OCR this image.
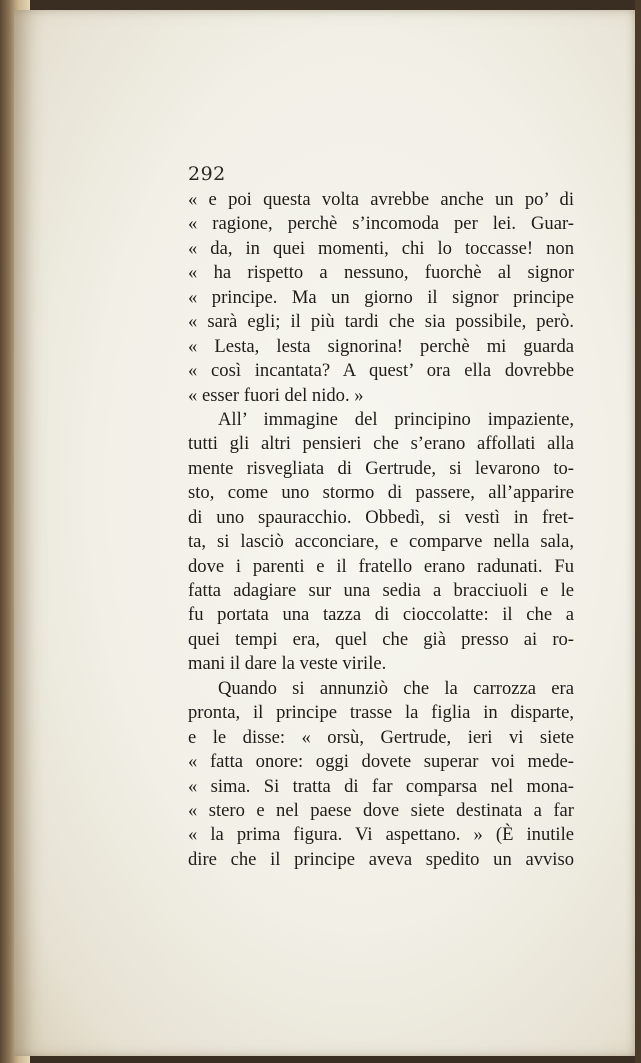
292
« e poi questa volta avrebbe anche un po’ di
« ragione, perchè s’incomoda per lei. Guar-
« da, in quei momenti, chi lo toccasse! non
« ha rispetto a nessuno, fuorchè al signor
« principe. Ma un giorno il signor principe
« sarà egli; il più tardi che sia possibile, però.
« Lesta, lesta signorina! perchè mi guarda
« così incantata? A quest’ ora ella dovrebbe
« esser fuori del nido. »
All’ immagine del principino impaziente,
tutti gli altri pensieri che s’erano affollati alla
mente risvegliata di Gertrude, si levarono to-
sto, come uno stormo di passere, all’apparire
di uno spauracchio. Obbedì, si vestì in fret-
ta, si lasciò acconciare, e comparve nella sala,
dove i parenti e il fratello erano radunati. Fu
fatta adagiare sur una sedia a bracciuoli e le
fu portata una tazza di cioccolatte: il che a
quei tempi era, quel che già presso ai ro-
mani il dare la veste virile.
Quando si annunziò che la carrozza era
pronta, il principe trasse la figlia in disparte,
e le disse: « orsù, Gertrude, ieri vi siete
« fatta onore: oggi dovete superar voi mede-
« sima. Si tratta di far comparsa nel mona-
« stero e nel paese dove siete destinata a far
« la prima figura. Vi aspettano. » (È inutile
dire che il principe aveva spedito un avviso
